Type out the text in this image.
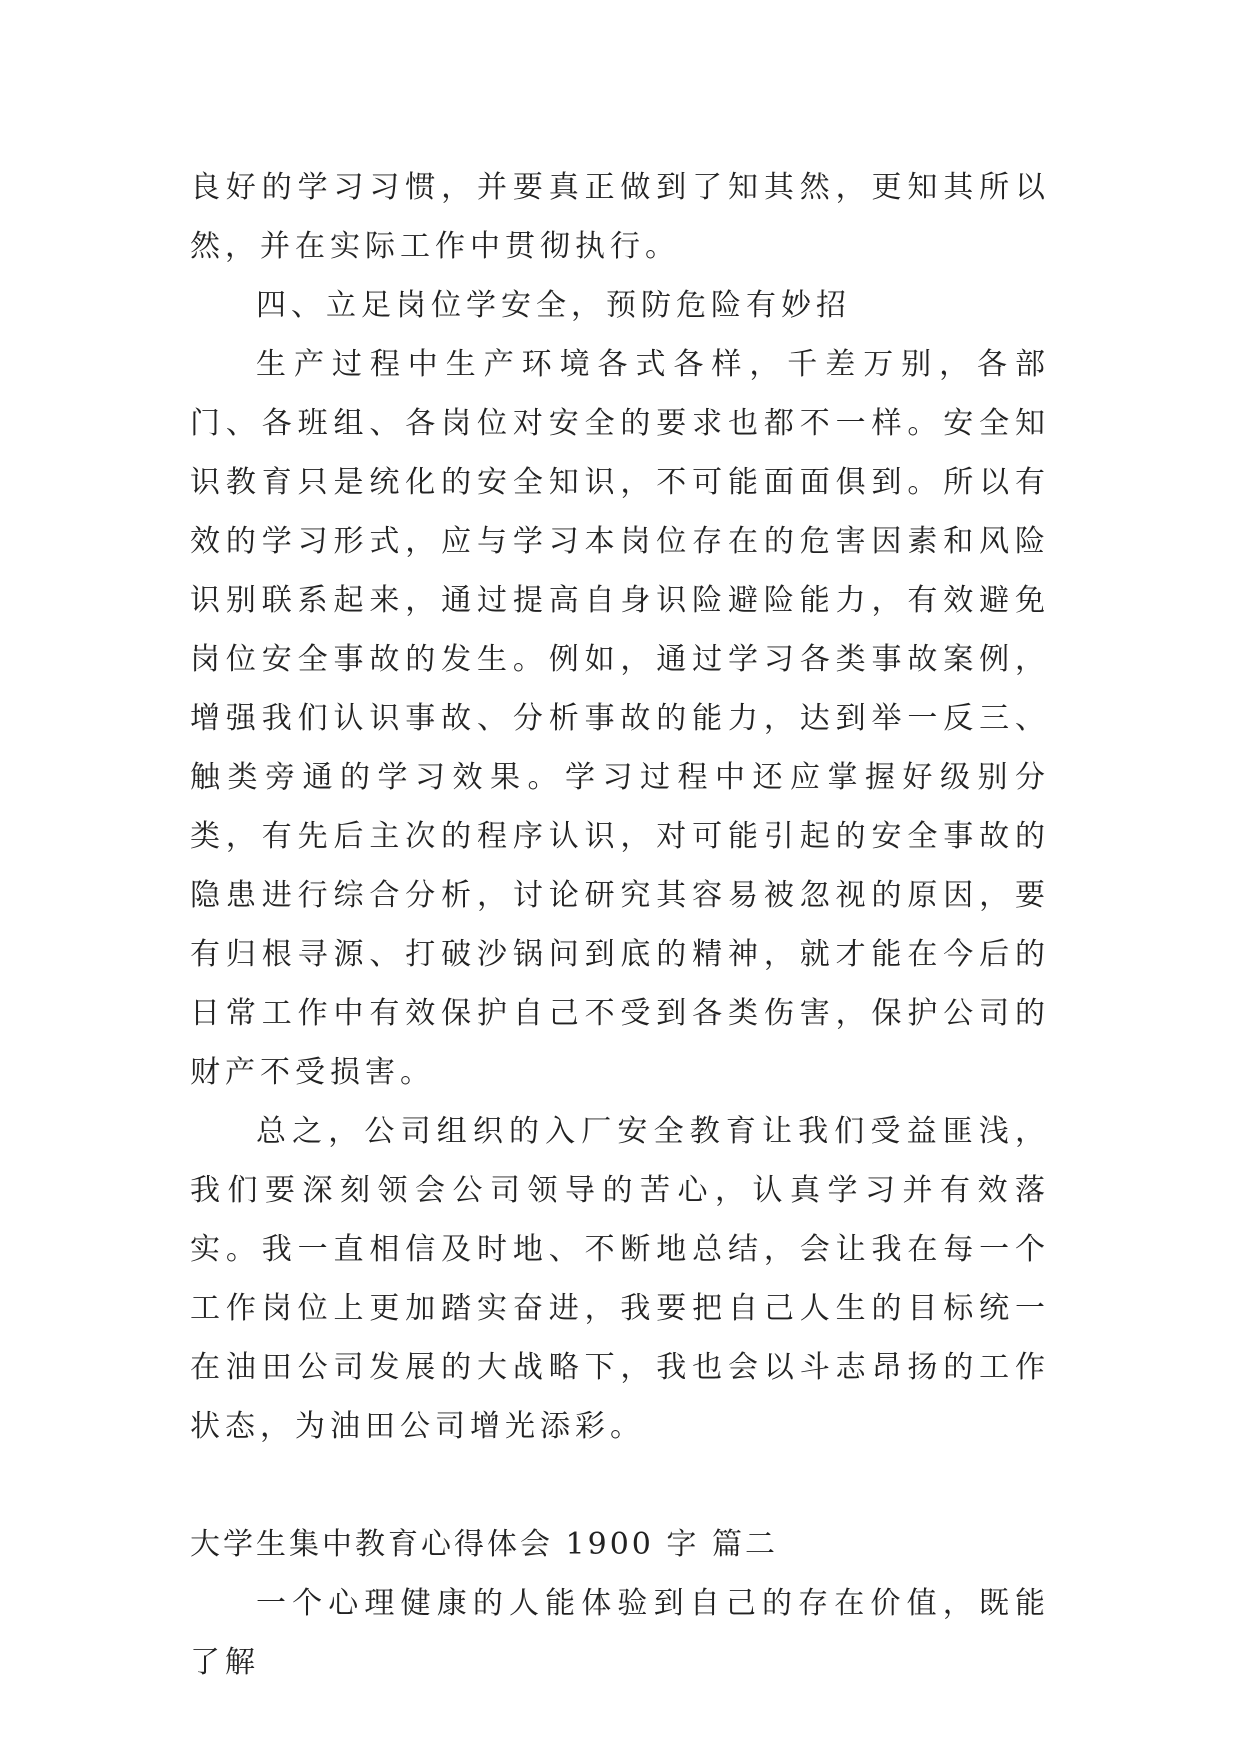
良好的学习习惯，并要真正做到了知其然，更知其所以然，并在实际工作中贯彻执行。

四、立足岗位学安全，预防危险有妙招

生产过程中生产环境各式各样，千差万别，各部门、各班组、各岗位对安全的要求也都不一样。安全知识教育只是统化的安全知识，不可能面面俱到。所以有效的学习形式，应与学习本岗位存在的危害因素和风险识别联系起来，通过提高自身识险避险能力，有效避免岗位安全事故的发生。例如，通过学习各类事故案例，增强我们认识事故、分析事故的能力，达到举一反三、触类旁通的学习效果。学习过程中还应掌握好级别分类，有先后主次的程序认识，对可能引起的安全事故的隐患进行综合分析，讨论研究其容易被忽视的原因，要有归根寻源、打破沙锅问到底的精神，就才能在今后的日常工作中有效保护自己不受到各类伤害，保护公司的财产不受损害。

总之，公司组织的入厂安全教育让我们受益匪浅，我们要深刻领会公司领导的苦心，认真学习并有效落实。我一直相信及时地、不断地总结，会让我在每一个工作岗位上更加踏实奋进，我要把自己人生的目标统一在油田公司发展的大战略下，我也会以斗志昂扬的工作状态，为油田公司增光添彩。

大学生集中教育心得体会 1900 字 篇二

一个心理健康的人能体验到自己的存在价值，既能了解
